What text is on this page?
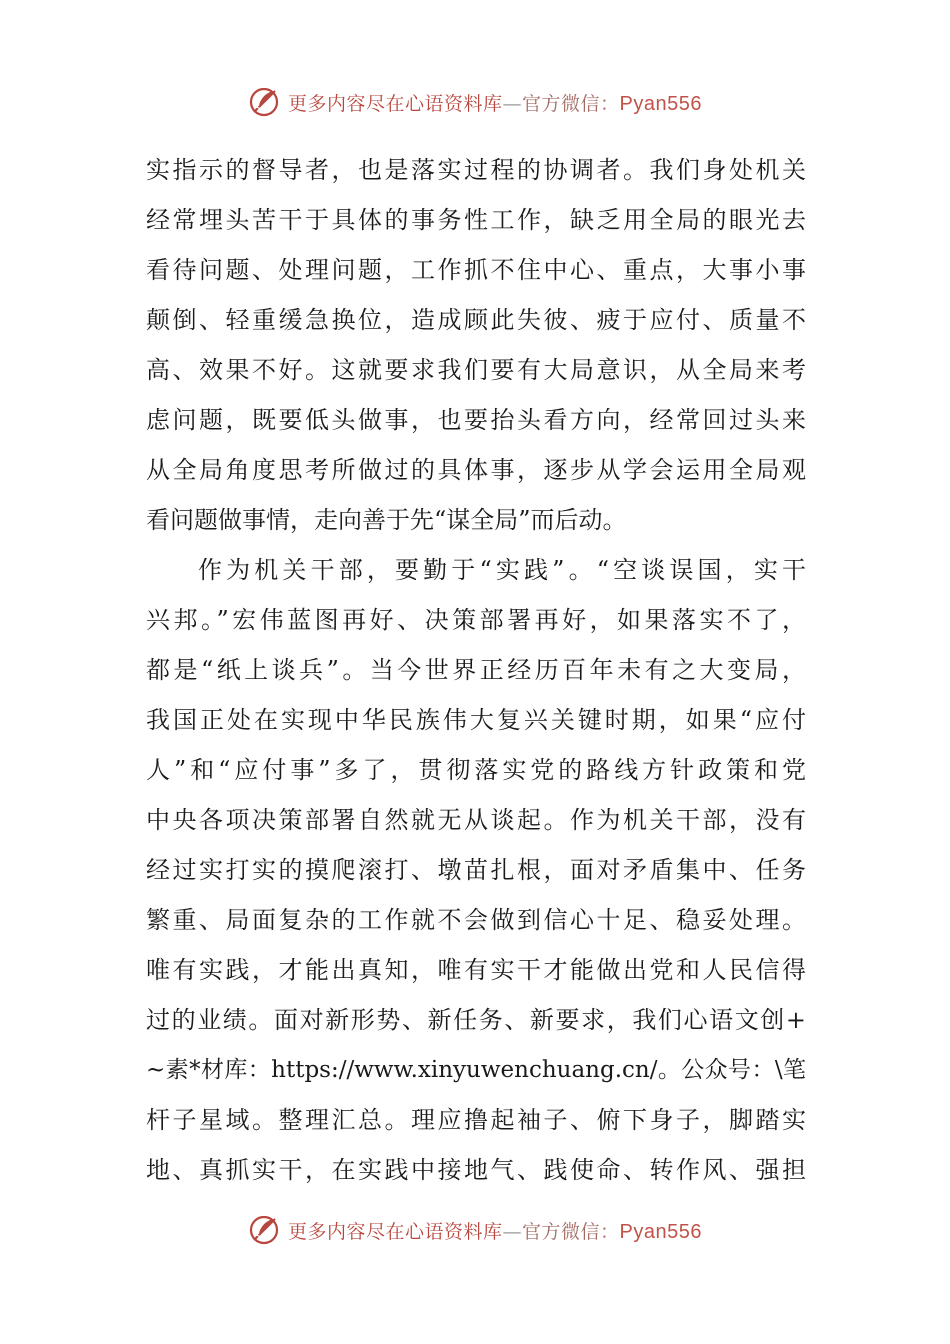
更多内容尽在心语资料库—官方微信：Pyan556
实指示的督导者，也是落实过程的协调者。我们身处机关
经常埋头苦干于具体的事务性工作，缺乏用全局的眼光去
看待问题、处理问题，工作抓不住中心、重点，大事小事
颠倒、轻重缓急换位，造成顾此失彼、疲于应付、质量不
高、效果不好。这就要求我们要有大局意识，从全局来考
虑问题，既要低头做事，也要抬头看方向，经常回过头来
从全局角度思考所做过的具体事，逐步从学会运用全局观
看问题做事情，走向善于先“谋全局”而后动。
作为机关干部，要勤于“实践”。“空谈误国，实干
兴邦。”宏伟蓝图再好、决策部署再好，如果落实不了，
都是“纸上谈兵”。当今世界正经历百年未有之大变局，
我国正处在实现中华民族伟大复兴关键时期，如果“应付
人”和“应付事”多了，贯彻落实党的路线方针政策和党
中央各项决策部署自然就无从谈起。作为机关干部，没有
经过实打实的摸爬滚打、墩苗扎根，面对矛盾集中、任务
繁重、局面复杂的工作就不会做到信心十足、稳妥处理。
唯有实践，才能出真知，唯有实干才能做出党和人民信得
过的业绩。面对新形势、新任务、新要求，我们心语文创+
~素*材库：https://www.xinyuwenchuang.cn/。公众号：\笔
杆子星域。整理汇总。理应撸起袖子、俯下身子，脚踏实
地、真抓实干，在实践中接地气、践使命、转作风、强担
更多内容尽在心语资料库—官方微信：Pyan556
